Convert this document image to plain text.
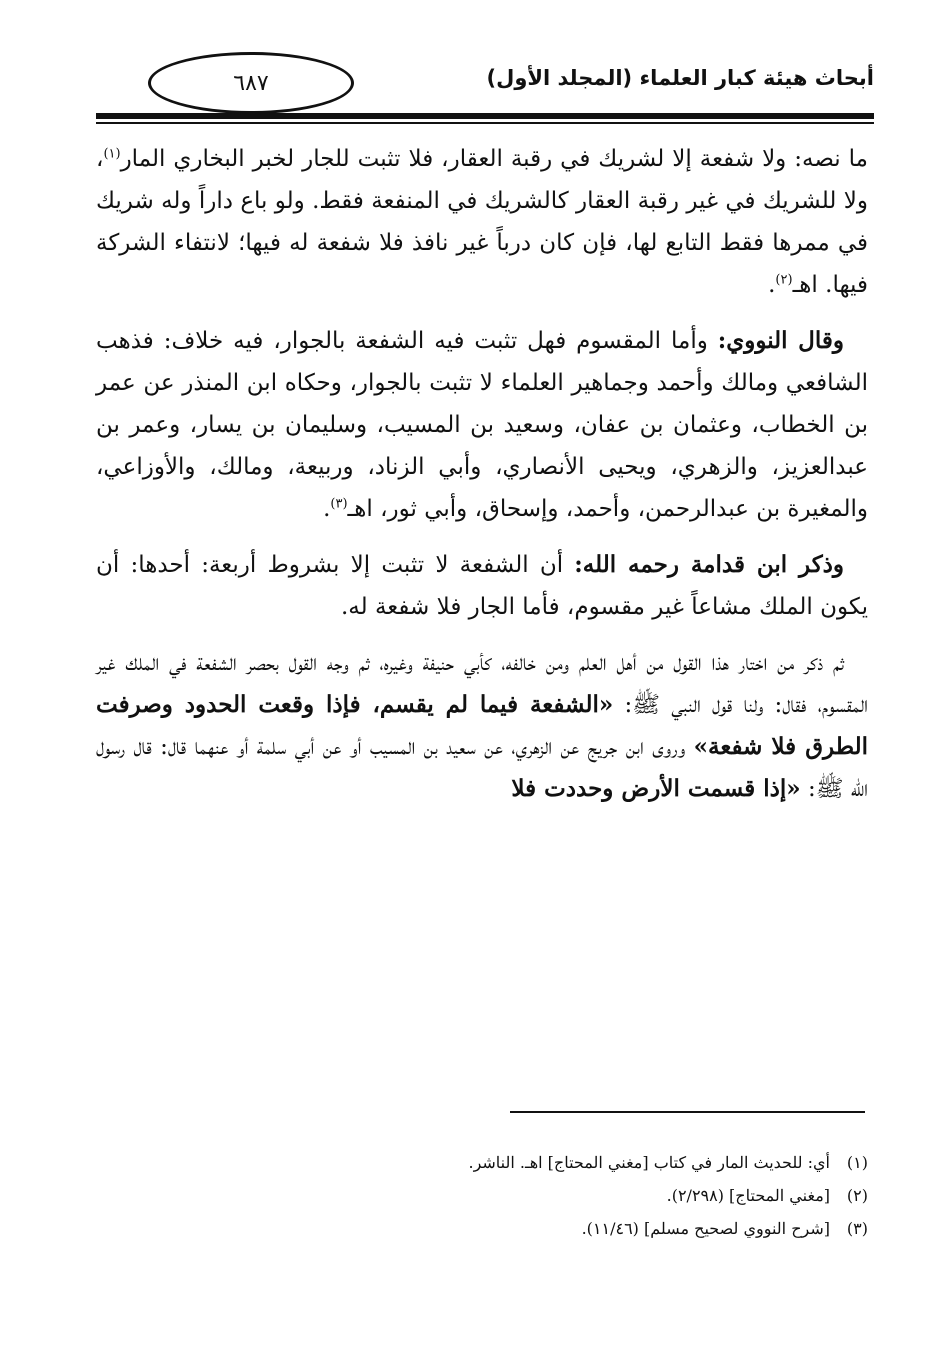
٦٨٧	أبحاث هيئة كبار العلماء (المجلد الأول)

ما نصه: ولا شفعة إلا لشريك في رقبة العقار، فلا تثبت للجار لخبر البخاري المار$^{(١)}$، ولا للشريك في غير رقبة العقار كالشريك في المنفعة فقط. ولو باع داراً وله شريك في ممرها فقط التابع لها، فإن كان درباً غير نافذ فلا شفعة له فيها؛ لانتفاء الشركة فيها. اهـ$^{(٢)}$.

وقال النووي: وأما المقسوم فهل تثبت فيه الشفعة بالجوار، فيه خلاف: فذهب الشافعي ومالك وأحمد وجماهير العلماء لا تثبت بالجوار، وحكاه ابن المنذر عن عمر بن الخطاب، وعثمان بن عفان، وسعيد بن المسيب، وسليمان بن يسار، وعمر بن عبدالعزيز، والزهري، ويحيى الأنصاري، وأبي الزناد، وربيعة، ومالك، والأوزاعي، والمغيرة بن عبدالرحمن، وأحمد، وإسحاق، وأبي ثور، اهـ$^{(٣)}$.

وذكر ابن قدامة رحمه الله: أن الشفعة لا تثبت إلا بشروط أربعة: أحدها: أن يكون الملك مشاعاً غير مقسوم، فأما الجار فلا شفعة له.

ثم ذكر من اختار هذا القول من أهل العلم ومن خالفه، كأبي حنيفة وغيره، ثم وجه القول بحصر الشفعة في الملك غير المقسوم، فقال: ولنا قول النبي ﷺ: «الشفعة فيما لم يقسم، فإذا وقعت الحدود وصرفت الطرق فلا شفعة» وروى ابن جريج عن الزهري، عن سعيد بن المسيب أو عن أبي سلمة أو عنهما قال: قال رسول الله ﷺ: «إذا قسمت الأرض وحددت فلا

(١)أي: للحديث المار في كتاب [مغني المحتاج] اهـ. الناشر.
(٢)[مغني المحتاج] (٢/٢٩٨).
(٣)[شرح النووي لصحيح مسلم] (١١/٤٦).
